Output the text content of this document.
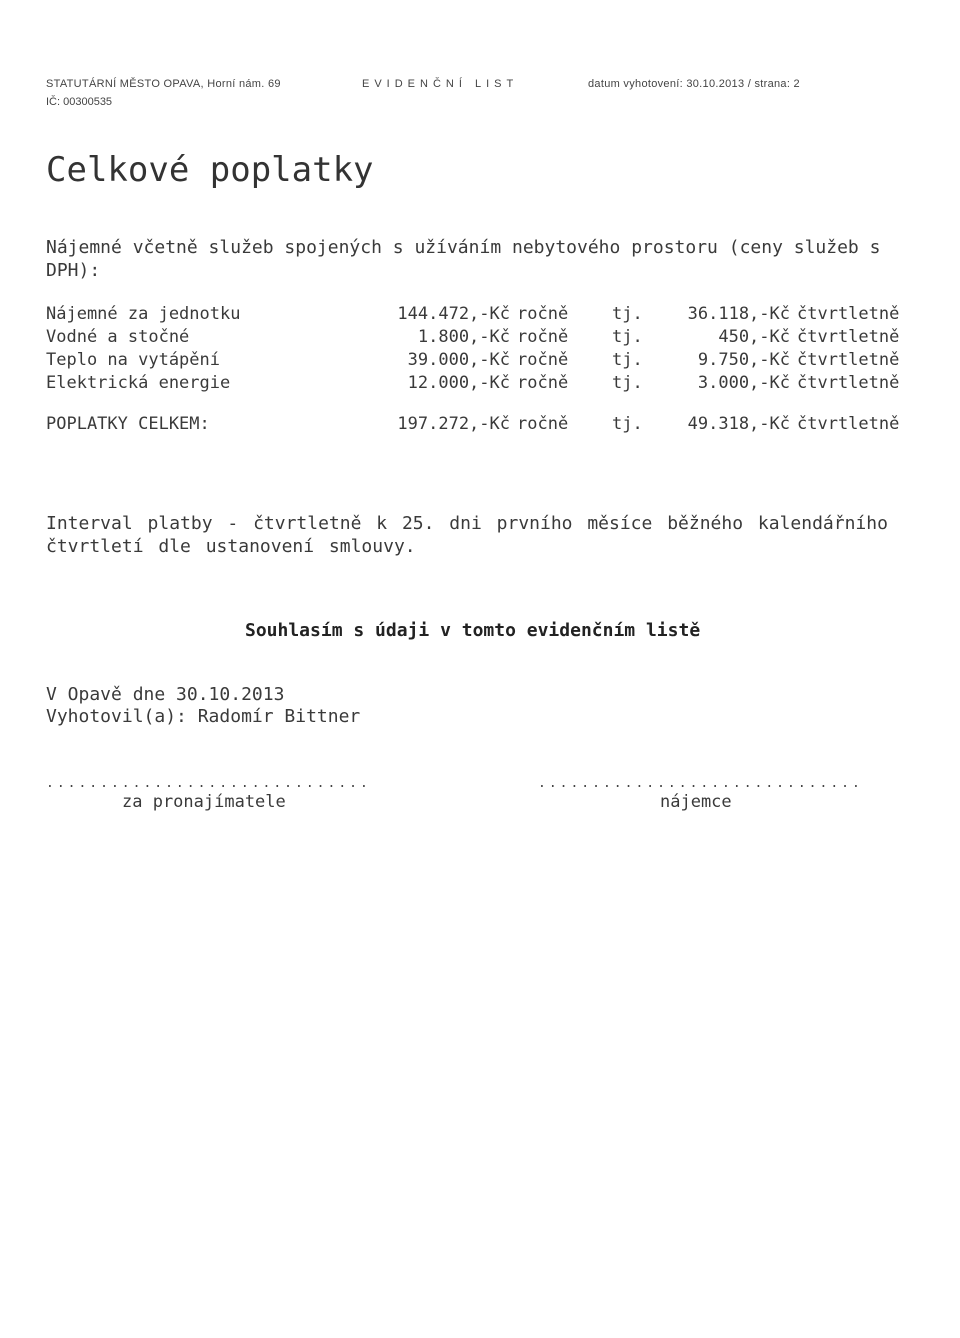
STATUTÁRNÍ MĚSTO OPAVA, Horní nám. 69
IČ: 00300535
EVIDENČNÍ LIST	datum vyhotovení: 30.10.2013 / strana: 2
Celkové poplatky
Nájemné včetně služeb spojených s užíváním nebytového prostoru (ceny služeb s DPH):
Nájemné za jednotku	144.472,-Kč ročně	tj.	36.118,-Kč čtvrtletně
Vodné a stočné	1.800,-Kč ročně	tj.	450,-Kč čtvrtletně
Teplo na vytápění	39.000,-Kč ročně	tj.	9.750,-Kč čtvrtletně
Elektrická energie	12.000,-Kč ročně	tj.	3.000,-Kč čtvrtletně
POPLATKY CELKEM:	197.272,-Kč ročně	tj.	49.318,-Kč čtvrtletně
Interval platby - čtvrtletně k 25. dni prvního měsíce běžného kalendářního čtvrtletí dle ustanovení smlouvy.
Souhlasím s údaji v tomto evidenčním listě
V Opavě dne 30.10.2013
Vyhotovil(a): Radomír Bittner
..............................	..............................
za pronajímatele	nájemce
